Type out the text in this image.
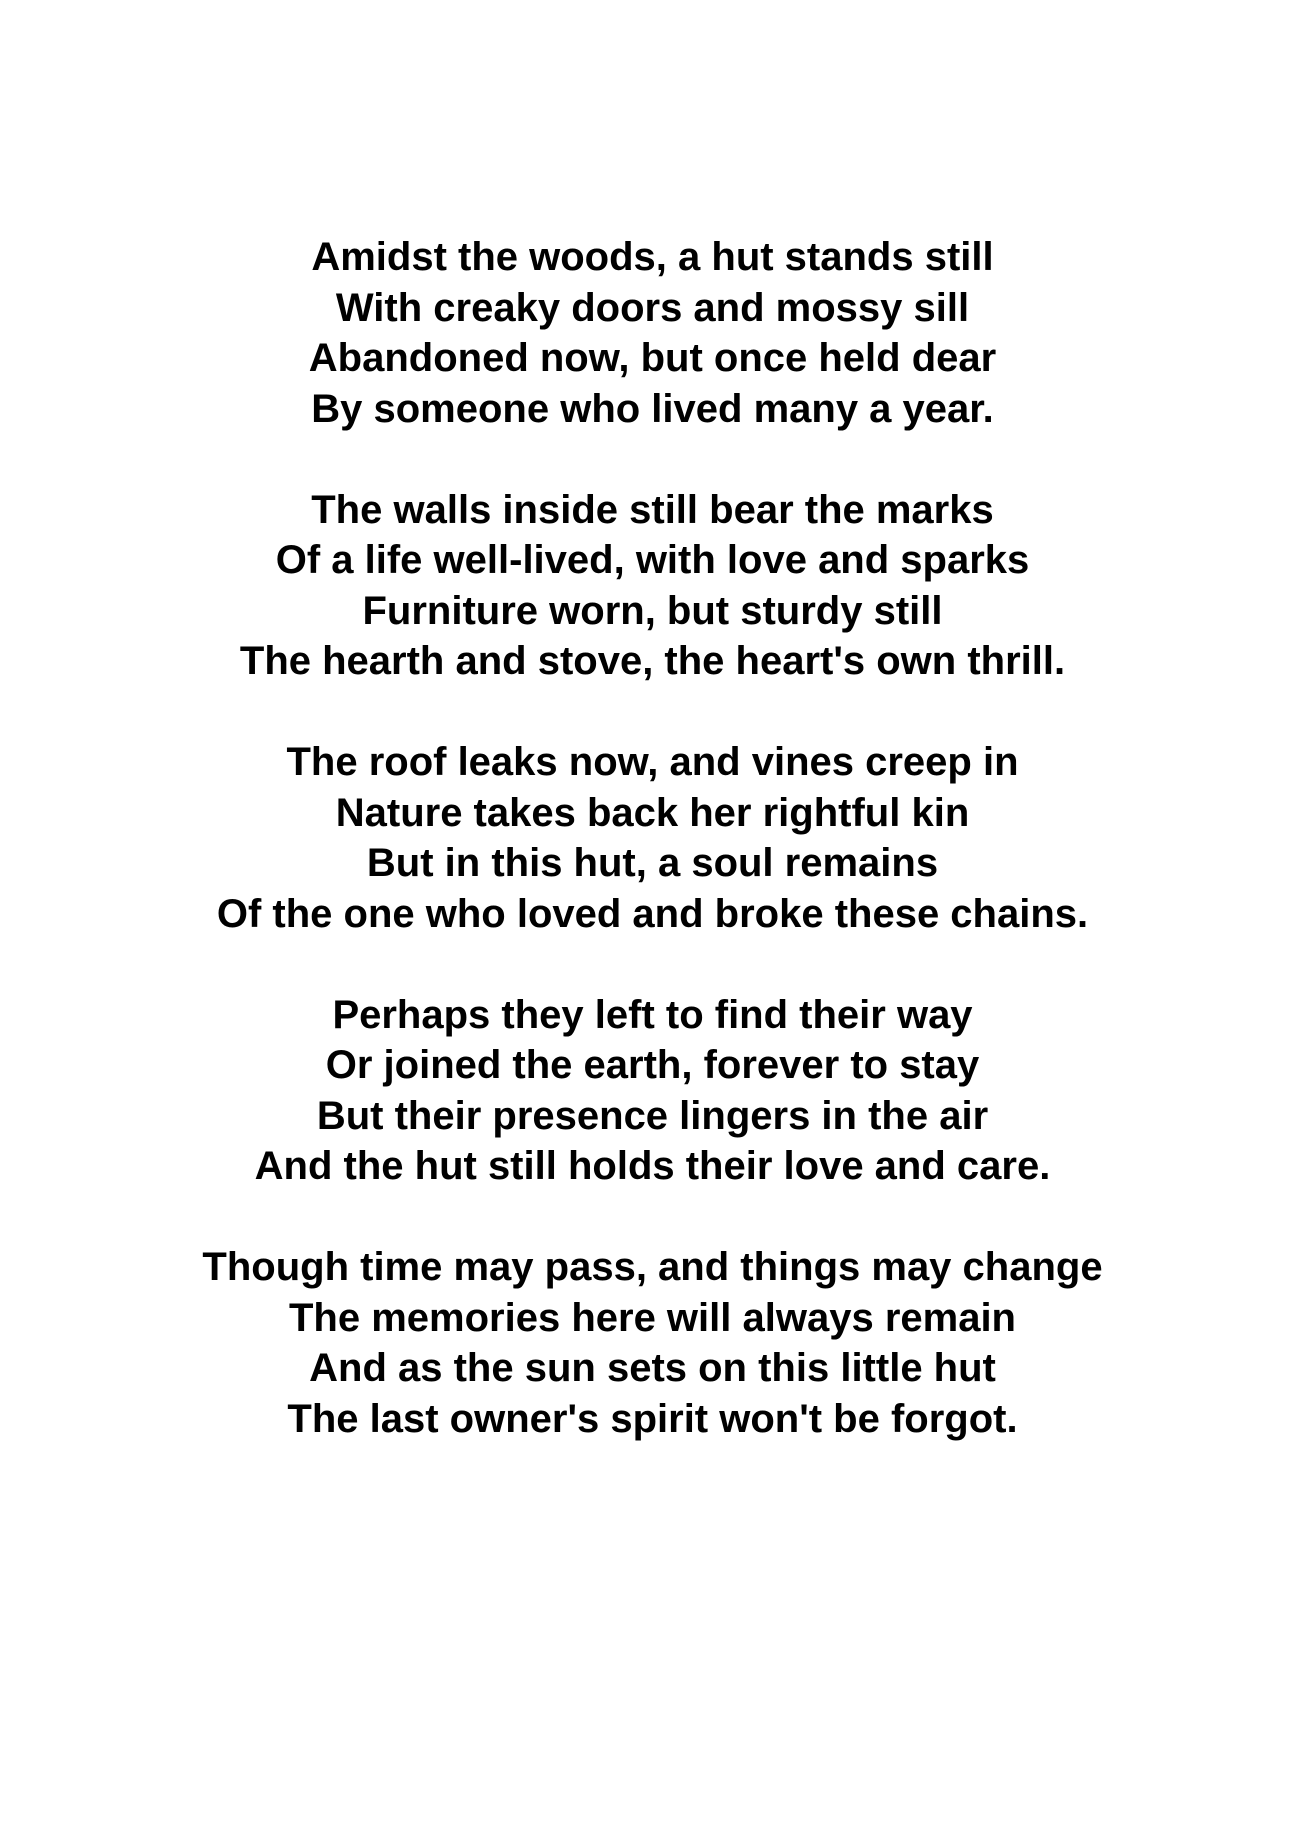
Amidst the woods, a hut stands still
With creaky doors and mossy sill
Abandoned now, but once held dear
By someone who lived many a year.
The walls inside still bear the marks
Of a life well-lived, with love and sparks
Furniture worn, but sturdy still
The hearth and stove, the heart's own thrill.
The roof leaks now, and vines creep in
Nature takes back her rightful kin
But in this hut, a soul remains
Of the one who loved and broke these chains.
Perhaps they left to find their way
Or joined the earth, forever to stay
But their presence lingers in the air
And the hut still holds their love and care.
Though time may pass, and things may change
The memories here will always remain
And as the sun sets on this little hut
The last owner's spirit won't be forgot.
